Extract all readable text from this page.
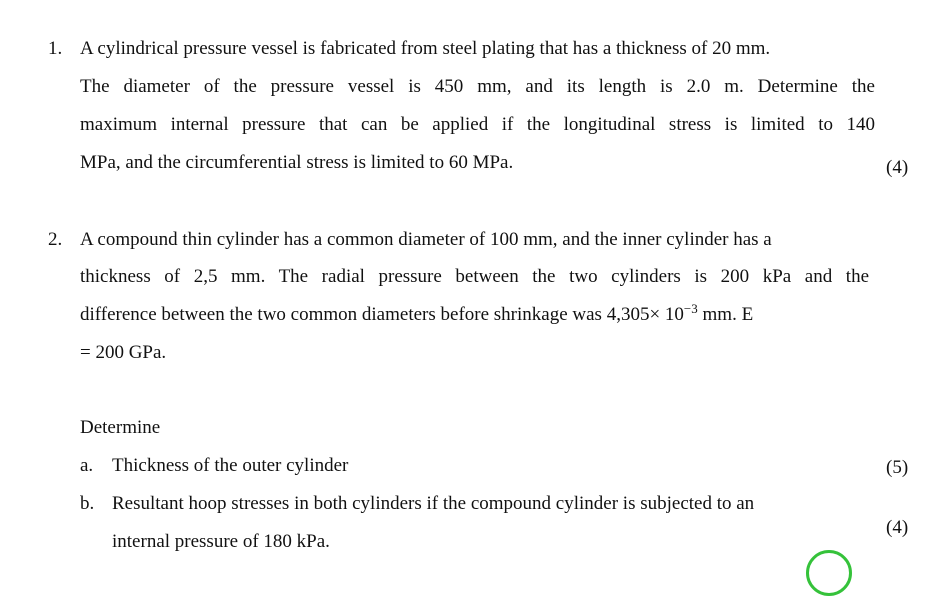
1. A cylindrical pressure vessel is fabricated from steel plating that has a thickness of 20 mm.
The diameter of the pressure vessel is 450 mm, and its length is 2.0 m. Determine the
maximum internal pressure that can be applied if the longitudinal stress is limited to 140
MPa, and the circumferential stress is limited to 60 MPa.	(4)
2. A compound thin cylinder has a common diameter of 100 mm, and the inner cylinder has a
thickness of 2,5 mm. The radial pressure between the two cylinders is 200 kPa and the
difference between the two common diameters before shrinkage was $4,305\times 10^{-3}$ mm. E
= 200 GPa.
Determine
a. Thickness of the outer cylinder	(5)
b. Resultant hoop stresses in both cylinders if the compound cylinder is subjected to an
internal pressure of 180 kPa.
(4)
